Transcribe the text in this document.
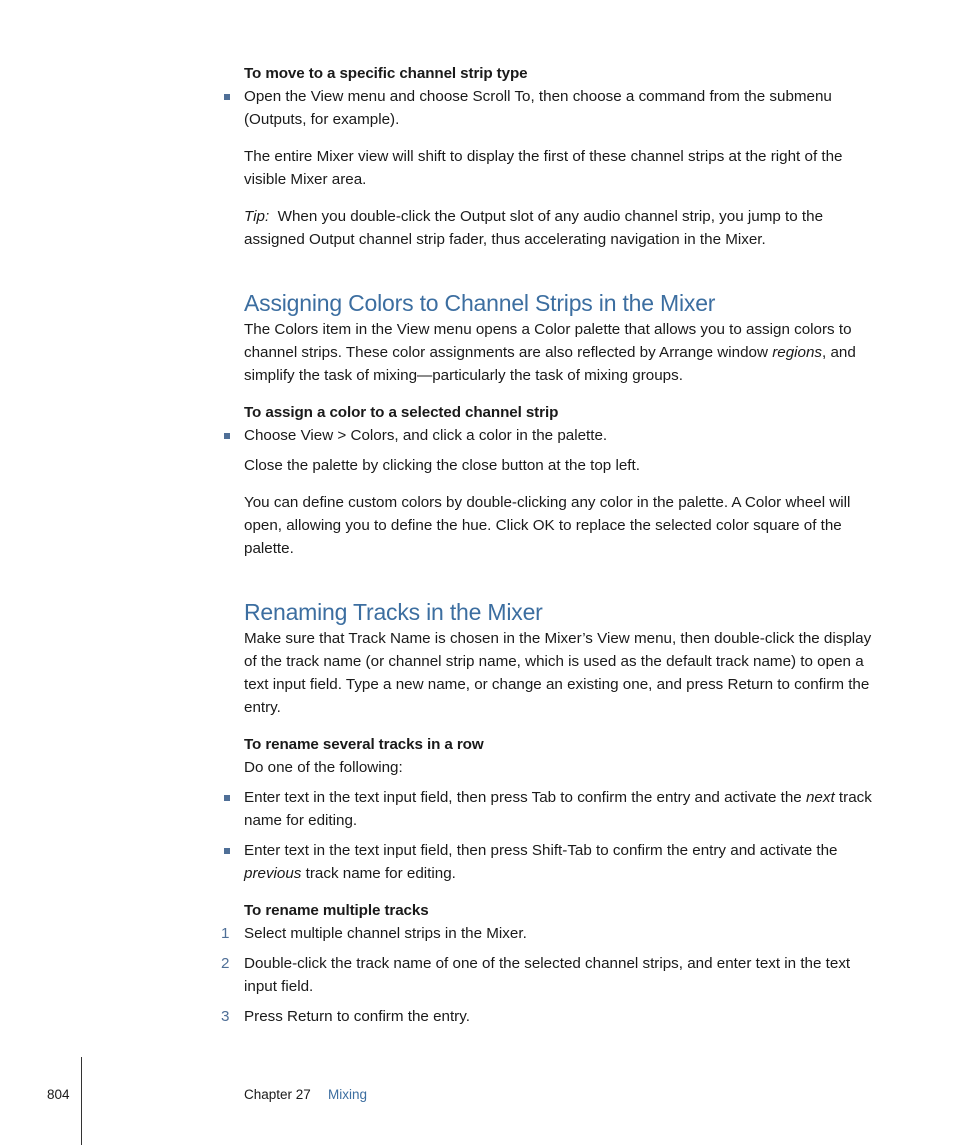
To move to a specific channel strip type

Open the View menu and choose Scroll To, then choose a command from the submenu (Outputs, for example).

The entire Mixer view will shift to display the first of these channel strips at the right of the visible Mixer area.

Tip: When you double-click the Output slot of any audio channel strip, you jump to the assigned Output channel strip fader, thus accelerating navigation in the Mixer.

Assigning Colors to Channel Strips in the Mixer

The Colors item in the View menu opens a Color palette that allows you to assign colors to channel strips. These color assignments are also reflected by Arrange window regions, and simplify the task of mixing—particularly the task of mixing groups.

To assign a color to a selected channel strip

Choose View > Colors, and click a color in the palette.

Close the palette by clicking the close button at the top left.

You can define custom colors by double-clicking any color in the palette. A Color wheel will open, allowing you to define the hue. Click OK to replace the selected color square of the palette.

Renaming Tracks in the Mixer

Make sure that Track Name is chosen in the Mixer’s View menu, then double-click the display of the track name (or channel strip name, which is used as the default track name) to open a text input field. Type a new name, or change an existing one, and press Return to confirm the entry.

To rename several tracks in a row

Do one of the following:

Enter text in the text input field, then press Tab to confirm the entry and activate the next track name for editing.

Enter text in the text input field, then press Shift-Tab to confirm the entry and activate the previous track name for editing.

To rename multiple tracks
1 Select multiple channel strips in the Mixer.

2 Double-click the track name of one of the selected channel strips, and enter text in the text input field.

3 Press Return to confirm the entry.

804	Chapter 27 Mixing
